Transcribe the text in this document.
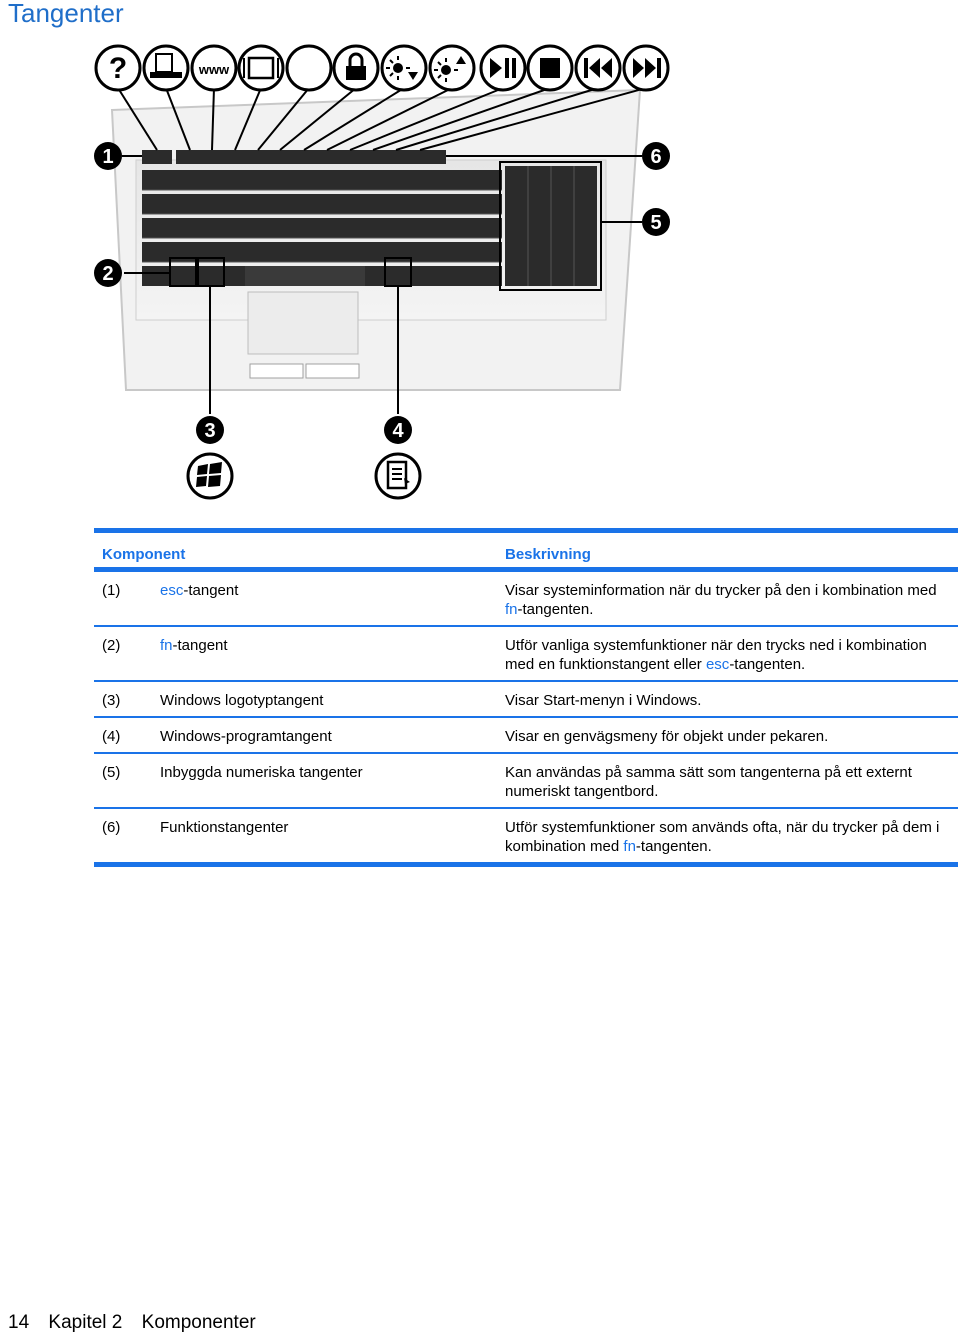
Tangenter
?	www
1
2
3	4
5
6
Komponent	Beskrivning
(1)	esc-tangent	Visar systeminformation när du trycker på den i kombination med
fn-tangenten.
(2)	fn-tangent	Utför vanliga systemfunktioner när den trycks ned i kombination
med en funktionstangent eller esc-tangenten.
(3)	Windows logotyptangent	Visar Start-menyn i Windows.
(4)	Windows-programtangent	Visar en genvägsmeny för objekt under pekaren.
(5)	Inbyggda numeriska tangenter	Kan användas på samma sätt som tangenterna på ett externt
numeriskt tangentbord.
(6)	Funktionstangenter	Utför systemfunktioner som används ofta, när du trycker på dem i
kombination med fn-tangenten.
14 Kapitel 2 Komponenter
